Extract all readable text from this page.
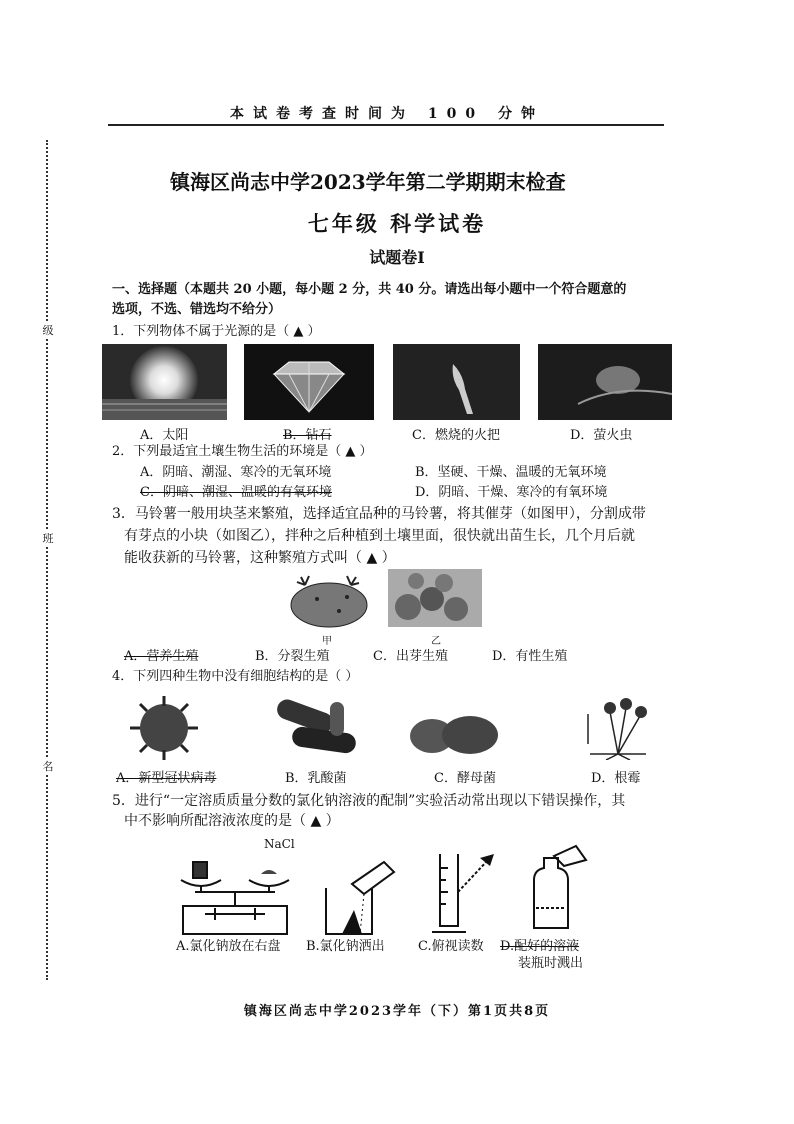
本试卷考查时间为 100 分钟
级
班
名
镇海区尚志中学2023学年第二学期期末检查
七年级 科学试卷
试题卷I
一、选择题（本题共 20 小题，每小题 2 分，共 40 分。请选出每小题中一个符合题意的
选项，不选、错选均不给分）
1．下列物体不属于光源的是（ ▲ ）
A．太阳	B．钻石	C．燃烧的火把	D．萤火虫
2．下列最适宜土壤生物生活的环境是（ ▲ ）
A．阴暗、潮湿、寒冷的无氧环境	B．坚硬、干燥、温暖的无氧环境
C．阴暗、潮湿、温暖的有氧环境	D．阴暗、干燥、寒冷的有氧环境
3．马铃薯一般用块茎来繁殖，选择适宜品种的马铃薯，将其催芽（如图甲），分割成带
有芽点的小块（如图乙），拌种之后种植到土壤里面，很快就出苗生长，几个月后就
能收获新的马铃薯，这种繁殖方式叫（ ▲ ）
甲	乙
A．营养生殖	B．分裂生殖	C．出芽生殖	D．有性生殖
4．下列四种生物中没有细胞结构的是（ ）
A．新型冠状病毒	B．乳酸菌	C．酵母菌	D．根霉
5．进行“一定溶质质量分数的氯化钠溶液的配制”实验活动常出现以下错误操作，其
中不影响所配溶液浓度的是（ ▲ ）
NaCl
A.氯化钠放在右盘 B.氯化钠洒出	C.俯视读数 D.配好的溶液
装瓶时溅出
镇海区尚志中学2023学年（下）第1页共8页
